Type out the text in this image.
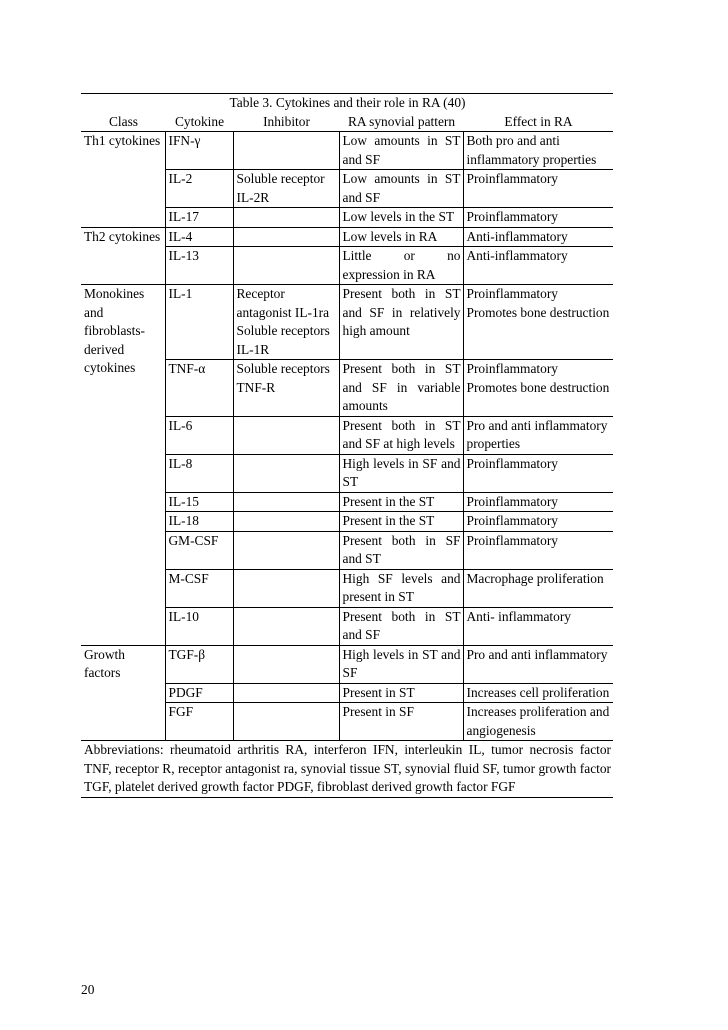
Table 3. Cytokines and their role in RA (40)				
Class	Cytokine	Inhibitor	RA synovial pattern	Effect in RA
Th1 cytokines	IFN-γ		Low amounts in ST and SF	Both pro and anti inflammatory properties
	IL-2	Soluble receptor IL-2R	Low amounts in ST and SF	Proinflammatory
	IL-17		Low levels in the ST	Proinflammatory
Th2 cytokines	IL-4		Low levels in RA	Anti-inflammatory
	IL-13		Little or no expression in RA	Anti-inflammatory
Monokines and fibroblasts-derived cytokines	IL-1	Receptor antagonist IL-1ra Soluble receptors IL-1R	Present both in ST and SF in relatively high amount	Proinflammatory Promotes bone destruction
	TNF-α	Soluble receptors TNF-R	Present both in ST and SF in variable amounts	Proinflammatory Promotes bone destruction
	IL-6		Present both in ST and SF at high levels	Pro and anti inflammatory properties
	IL-8		High levels in SF and ST	Proinflammatory
	IL-15		Present in the ST	Proinflammatory
	IL-18		Present in the ST	Proinflammatory
	GM-CSF		Present both in SF and ST	Proinflammatory
	M-CSF		High SF levels and present in ST	Macrophage proliferation
	IL-10		Present both in ST and SF	Anti- inflammatory
Growth factors	TGF-β		High levels in ST and SF	Pro and anti inflammatory
	PDGF		Present in ST	Increases cell proliferation
	FGF		Present in SF	Increases proliferation and angiogenesis
Abbreviations: rheumatoid arthritis RA, interferon IFN, interleukin IL, tumor necrosis factor TNF, receptor R, receptor antagonist ra, synovial tissue ST, synovial fluid SF, tumor growth factor TGF, platelet derived growth factor PDGF, fibroblast derived growth factor FGF				
20
